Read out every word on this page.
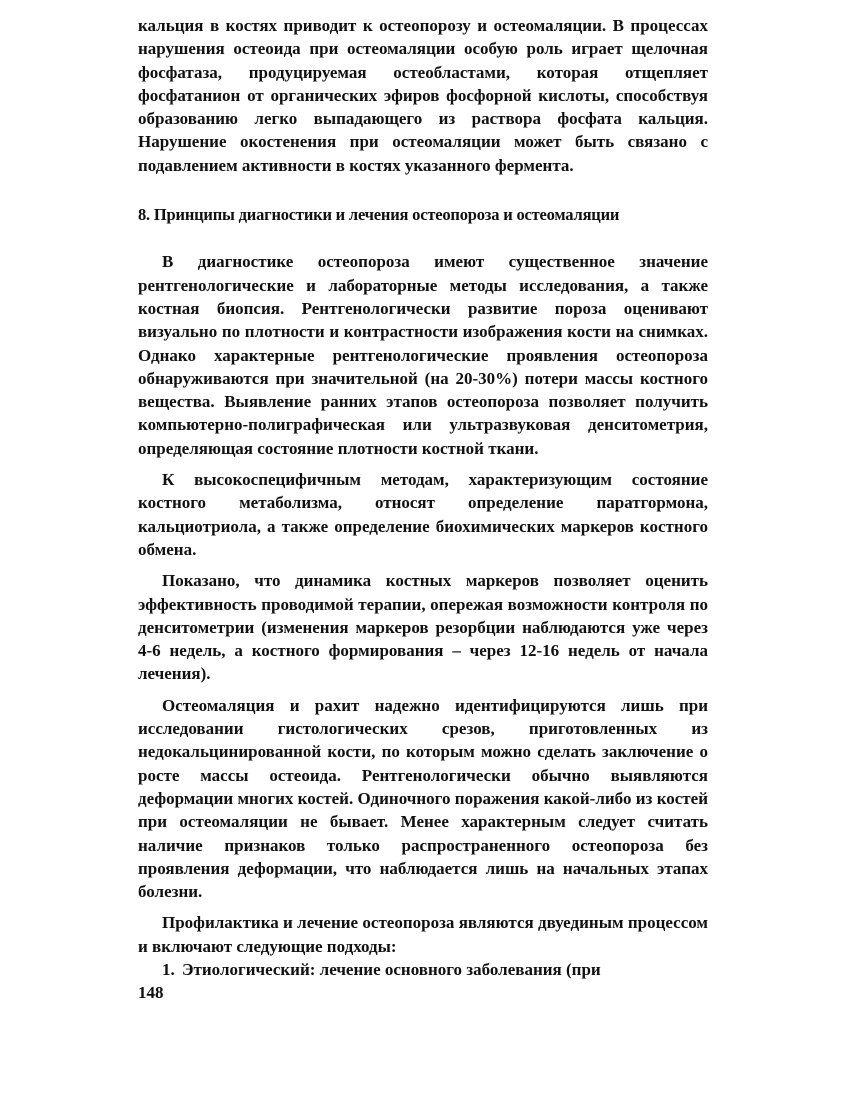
кальция в костях приводит к остеопорозу и остеомаляции. В процессах нарушения остеоида при остеомаляции особую роль играет щелочная фосфатаза, продуцируемая остеобластами, которая отщепляет фосфатанион от органических эфиров фосфорной кислоты, способствуя образованию легко выпадающего из раствора фосфата кальция. Нарушение окостенения при остеомаляции может быть связано с подавлением активности в костях указанного фермента.

8. Принципы диагностики и лечения остеопороза и остеомаляции

В диагностике остеопороза имеют существенное значение рентгенологические и лабораторные методы исследования, а также костная биопсия. Рентгенологически развитие пороза оценивают визуально по плотности и контрастности изображения кости на снимках. Однако характерные рентгенологические проявления остеопороза обнаруживаются при значительной (на 20-30%) потери массы костного вещества. Выявление ранних этапов остеопороза позволяет получить компьютерно-полиграфическая или ультразвуковая денситометрия, определяющая состояние плотности костной ткани.

К высокоспецифичным методам, характеризующим состояние костного метаболизма, относят определение паратгормона, кальциотриола, а также определение биохимических маркеров костного обмена.

Показано, что динамика костных маркеров позволяет оценить эффективность проводимой терапии, опережая возможности контроля по денситометрии (изменения маркеров резорбции наблюдаются уже через 4-6 недель, а костного формирования – через 12-16 недель от начала лечения).

Остеомаляция и рахит надежно идентифицируются лишь при исследовании гистологических срезов, приготовленных из недокальцинированной кости, по которым можно сделать заключение о росте массы остеоида. Рентгенологически обычно выявляются деформации многих костей. Одиночного поражения какой-либо из костей при остеомаляции не бывает. Менее характерным следует считать наличие признаков только распространенного остеопороза без проявления деформации, что наблюдается лишь на начальных этапах болезни.

Профилактика и лечение остеопороза являются двуединым процессом и включают следующие подходы:

1. Этиологический: лечение основного заболевания (при

148
